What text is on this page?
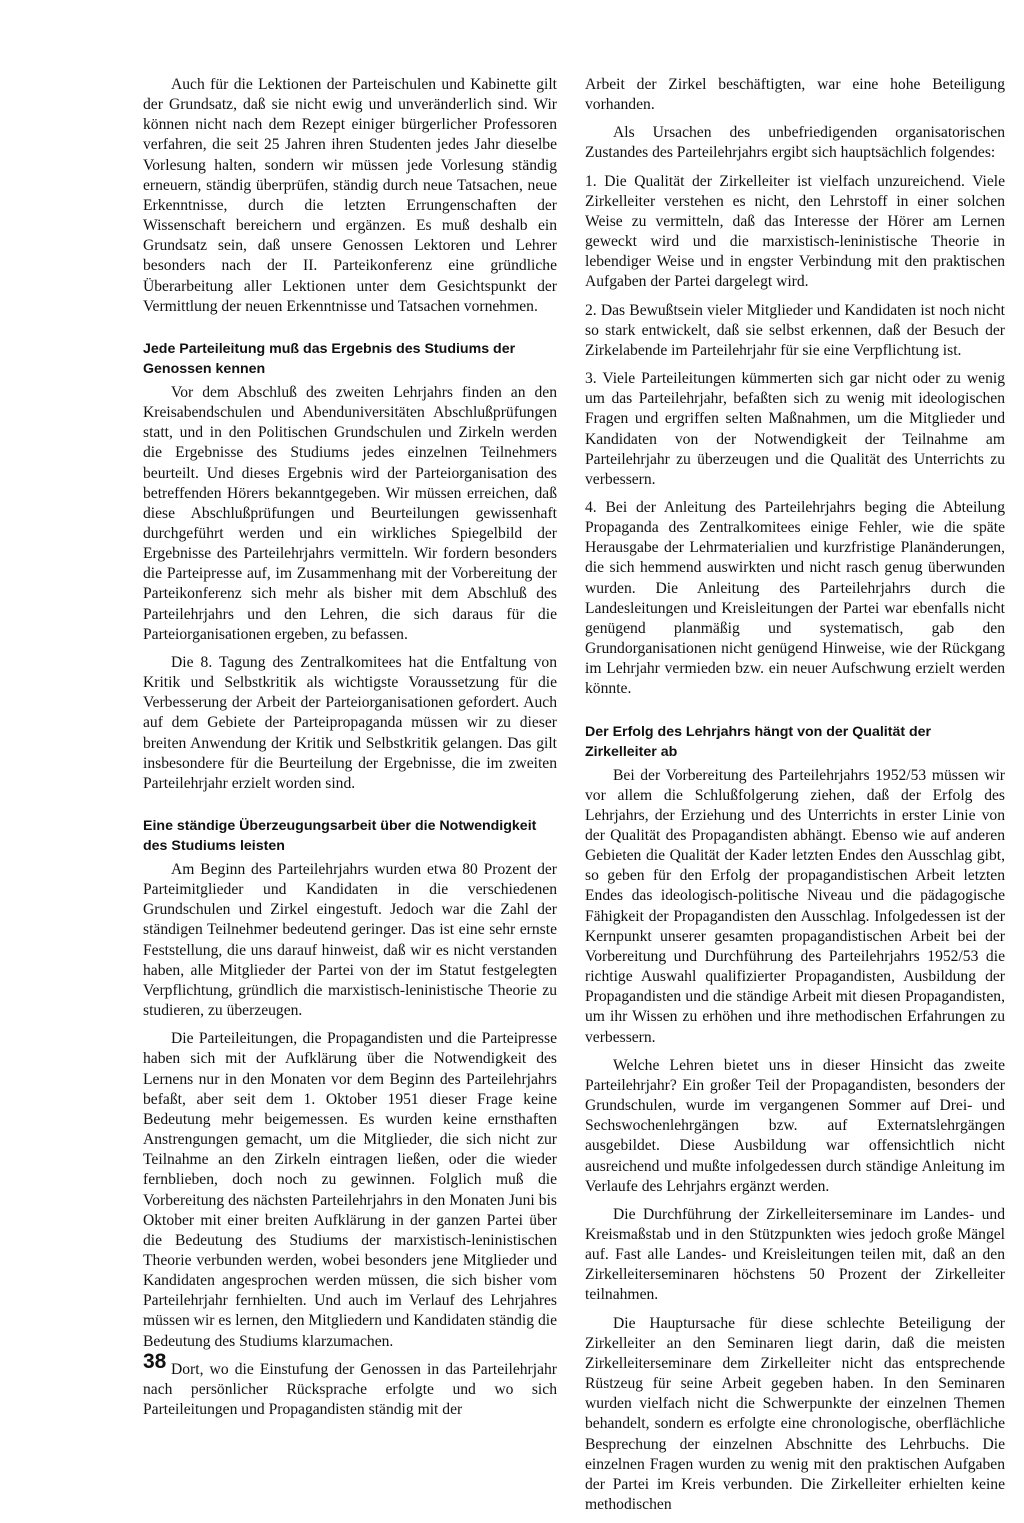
Auch für die Lektionen der Parteischulen und Kabinette gilt der Grundsatz, daß sie nicht ewig und unveränderlich sind. Wir können nicht nach dem Rezept einiger bürgerlicher Professoren verfahren, die seit 25 Jahren ihren Studenten jedes Jahr dieselbe Vorlesung halten, sondern wir müssen jede Vorlesung ständig erneuern, ständig überprüfen, ständig durch neue Tatsachen, neue Erkenntnisse, durch die letzten Errungenschaften der Wissenschaft bereichern und ergänzen. Es muß deshalb ein Grundsatz sein, daß unsere Genossen Lektoren und Lehrer besonders nach der II. Parteikonferenz eine gründliche Überarbeitung aller Lektionen unter dem Gesichtspunkt der Vermittlung der neuen Erkenntnisse und Tatsachen vornehmen.

Jede Parteileitung muß das Ergebnis des Studiums der Genossen kennen

Vor dem Abschluß des zweiten Lehrjahrs finden an den Kreisabendschulen und Abenduniversitäten Abschlußprüfungen statt, und in den Politischen Grundschulen und Zirkeln werden die Ergebnisse des Studiums jedes einzelnen Teilnehmers beurteilt. Und dieses Ergebnis wird der Parteiorganisation des betreffenden Hörers bekanntgegeben. Wir müssen erreichen, daß diese Abschlußprüfungen und Beurteilungen gewissenhaft durchgeführt werden und ein wirkliches Spiegelbild der Ergebnisse des Parteilehrjahrs vermitteln. Wir fordern besonders die Parteipresse auf, im Zusammenhang mit der Vorbereitung der Parteikonferenz sich mehr als bisher mit dem Abschluß des Parteilehrjahrs und den Lehren, die sich daraus für die Parteiorganisationen ergeben, zu befassen.

Die 8. Tagung des Zentralkomitees hat die Entfaltung von Kritik und Selbstkritik als wichtigste Voraussetzung für die Verbesserung der Arbeit der Parteiorganisationen gefordert. Auch auf dem Gebiete der Parteipropaganda müssen wir zu dieser breiten Anwendung der Kritik und Selbstkritik gelangen. Das gilt insbesondere für die Beurteilung der Ergebnisse, die im zweiten Parteilehrjahr erzielt worden sind.

Eine ständige Überzeugungsarbeit über die Notwendigkeit des Studiums leisten

Am Beginn des Parteilehrjahrs wurden etwa 80 Prozent der Parteimitglieder und Kandidaten in die verschiedenen Grundschulen und Zirkel eingestuft. Jedoch war die Zahl der ständigen Teilnehmer bedeutend geringer. Das ist eine sehr ernste Feststellung, die uns darauf hinweist, daß wir es nicht verstanden haben, alle Mitglieder der Partei von der im Statut festgelegten Verpflichtung, gründlich die marxistisch-leninistische Theorie zu studieren, zu überzeugen.

Die Parteileitungen, die Propagandisten und die Parteipresse haben sich mit der Aufklärung über die Notwendigkeit des Lernens nur in den Monaten vor dem Beginn des Parteilehrjahrs befaßt, aber seit dem 1. Oktober 1951 dieser Frage keine Bedeutung mehr beigemessen. Es wurden keine ernsthaften Anstrengungen gemacht, um die Mitglieder, die sich nicht zur Teilnahme an den Zirkeln eintragen ließen, oder die wieder fernblieben, doch noch zu gewinnen. Folglich muß die Vorbereitung des nächsten Parteilehrjahrs in den Monaten Juni bis Oktober mit einer breiten Aufklärung in der ganzen Partei über die Bedeutung des Studiums der marxistisch-leninistischen Theorie verbunden werden, wobei besonders jene Mitglieder und Kandidaten angesprochen werden müssen, die sich bisher vom Parteilehrjahr fernhielten. Und auch im Verlauf des Lehrjahres müssen wir es lernen, den Mitgliedern und Kandidaten ständig die Bedeutung des Studiums klarzumachen.

Dort, wo die Einstufung der Genossen in das Parteilehrjahr nach persönlicher Rücksprache erfolgte und wo sich Parteileitungen und Propagandisten ständig mit der

Arbeit der Zirkel beschäftigten, war eine hohe Beteiligung vorhanden.

Als Ursachen des unbefriedigenden organisatorischen Zustandes des Parteilehrjahrs ergibt sich hauptsächlich folgendes:

1. Die Qualität der Zirkelleiter ist vielfach unzureichend. Viele Zirkelleiter verstehen es nicht, den Lehrstoff in einer solchen Weise zu vermitteln, daß das Interesse der Hörer am Lernen geweckt wird und die marxistisch-leninistische Theorie in lebendiger Weise und in engster Verbindung mit den praktischen Aufgaben der Partei dargelegt wird.

2. Das Bewußtsein vieler Mitglieder und Kandidaten ist noch nicht so stark entwickelt, daß sie selbst erkennen, daß der Besuch der Zirkelabende im Parteilehrjahr für sie eine Verpflichtung ist.

3. Viele Parteileitungen kümmerten sich gar nicht oder zu wenig um das Parteilehrjahr, befaßten sich zu wenig mit ideologischen Fragen und ergriffen selten Maßnahmen, um die Mitglieder und Kandidaten von der Notwendigkeit der Teilnahme am Parteilehrjahr zu überzeugen und die Qualität des Unterrichts zu verbessern.

4. Bei der Anleitung des Parteilehrjahrs beging die Abteilung Propaganda des Zentralkomitees einige Fehler, wie die späte Herausgabe der Lehrmaterialien und kurzfristige Planänderungen, die sich hemmend auswirkten und nicht rasch genug überwunden wurden. Die Anleitung des Parteilehrjahrs durch die Landesleitungen und Kreisleitungen der Partei war ebenfalls nicht genügend planmäßig und systematisch, gab den Grundorganisationen nicht genügend Hinweise, wie der Rückgang im Lehrjahr vermieden bzw. ein neuer Aufschwung erzielt werden könnte.

Der Erfolg des Lehrjahrs hängt von der Qualität der Zirkelleiter ab

Bei der Vorbereitung des Parteilehrjahrs 1952/53 müssen wir vor allem die Schlußfolgerung ziehen, daß der Erfolg des Lehrjahrs, der Erziehung und des Unterrichts in erster Linie von der Qualität des Propagandisten abhängt. Ebenso wie auf anderen Gebieten die Qualität der Kader letzten Endes den Ausschlag gibt, so geben für den Erfolg der propagandistischen Arbeit letzten Endes das ideologisch-politische Niveau und die pädagogische Fähigkeit der Propagandisten den Ausschlag. Infolgedessen ist der Kernpunkt unserer gesamten propagandistischen Arbeit bei der Vorbereitung und Durchführung des Parteilehrjahrs 1952/53 die richtige Auswahl qualifizierter Propagandisten, Ausbildung der Propagandisten und die ständige Arbeit mit diesen Propagandisten, um ihr Wissen zu erhöhen und ihre methodischen Erfahrungen zu verbessern.

Welche Lehren bietet uns in dieser Hinsicht das zweite Parteilehrjahr? Ein großer Teil der Propagandisten, besonders der Grundschulen, wurde im vergangenen Sommer auf Drei- und Sechswochenlehrgängen bzw. auf Externatslehrgängen ausgebildet. Diese Ausbildung war offensichtlich nicht ausreichend und mußte infolgedessen durch ständige Anleitung im Verlaufe des Lehrjahrs ergänzt werden.

Die Durchführung der Zirkelleiterseminare im Landes- und Kreismaßstab und in den Stützpunkten wies jedoch große Mängel auf. Fast alle Landes- und Kreisleitungen teilen mit, daß an den Zirkelleiterseminaren höchstens 50 Prozent der Zirkelleiter teilnahmen.

Die Hauptursache für diese schlechte Beteiligung der Zirkelleiter an den Seminaren liegt darin, daß die meisten Zirkelleiterseminare dem Zirkelleiter nicht das entsprechende Rüstzeug für seine Arbeit gegeben haben. In den Seminaren wurden vielfach nicht die Schwerpunkte der einzelnen Themen behandelt, sondern es erfolgte eine chronologische, oberflächliche Besprechung der einzelnen Abschnitte des Lehrbuchs. Die einzelnen Fragen wurden zu wenig mit den praktischen Aufgaben der Partei im Kreis verbunden. Die Zirkelleiter erhielten keine methodischen

38
